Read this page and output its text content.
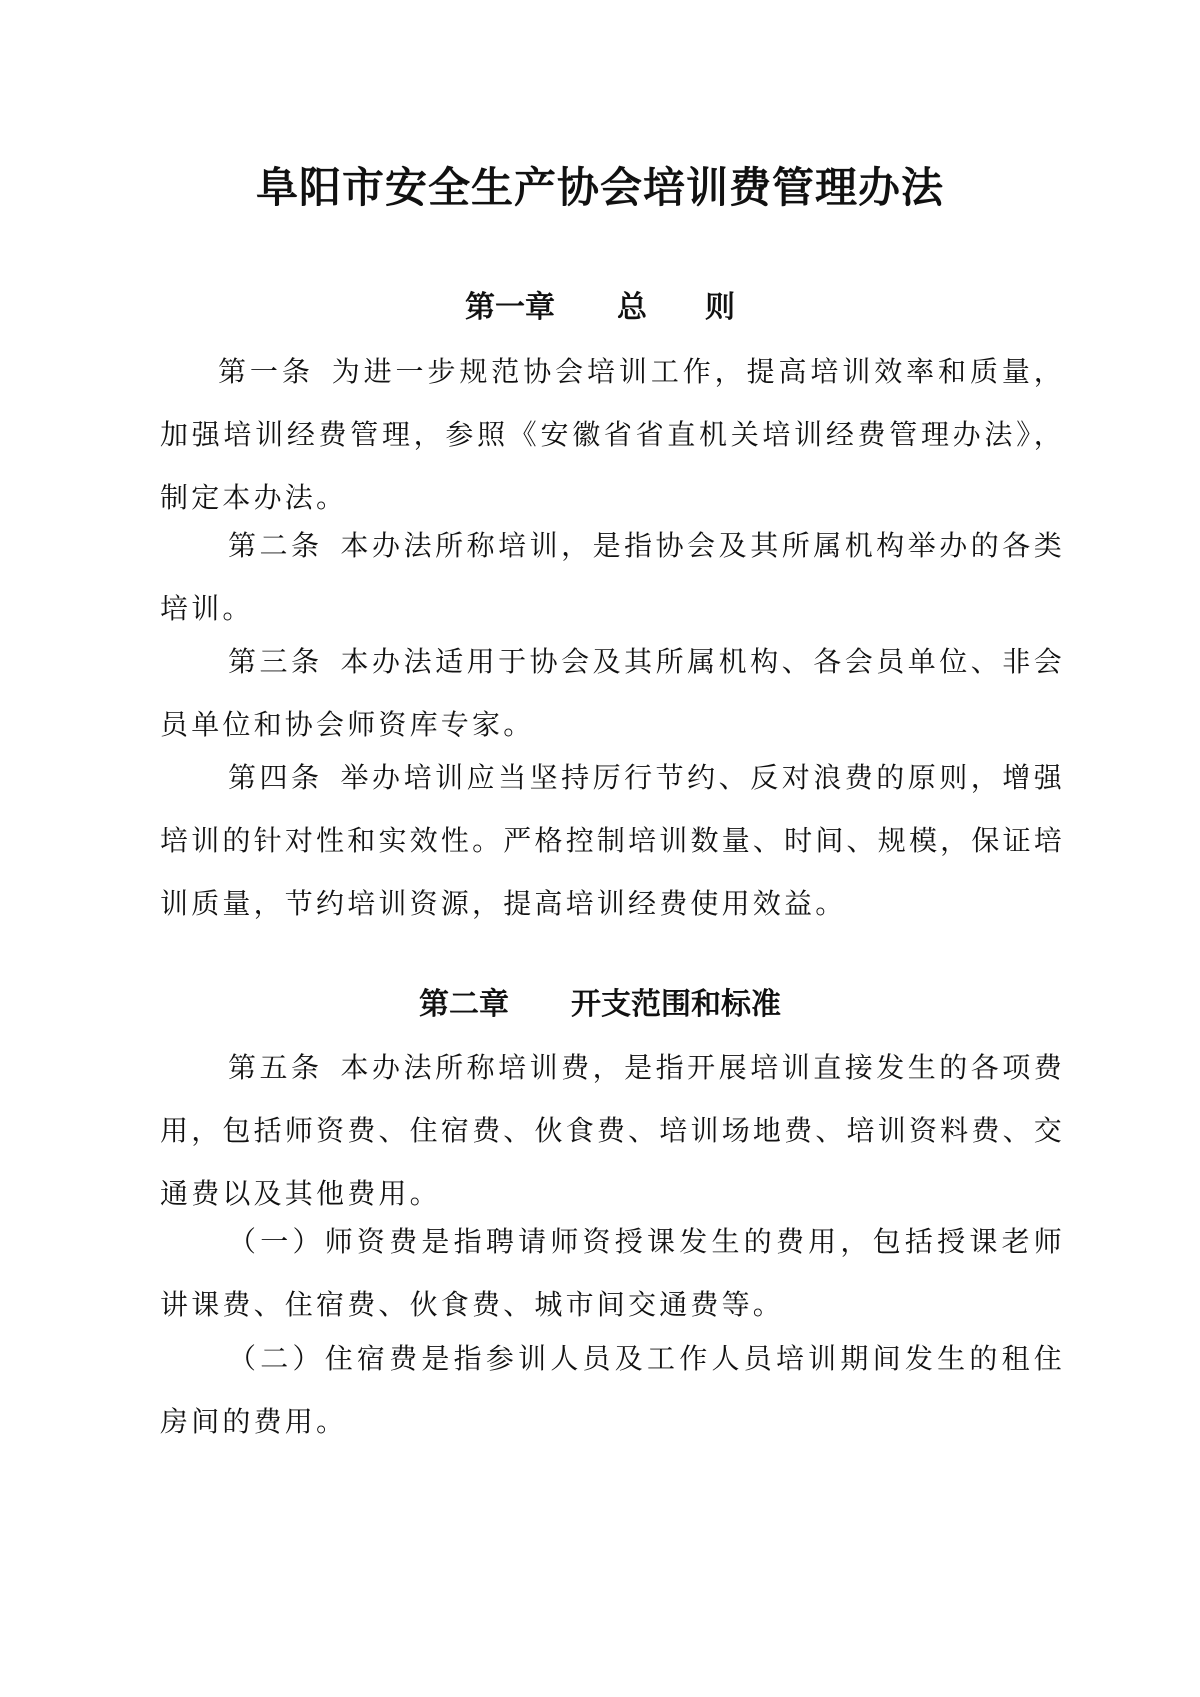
阜阳市安全生产协会培训费管理办法
第一章 总则

第一条 为进一步规范协会培训工作，提高培训效率和质量，加强培训经费管理，参照《安徽省省直机关培训经费管理办法》，制定本办法。

第二条 本办法所称培训，是指协会及其所属机构举办的各类培训。

第三条 本办法适用于协会及其所属机构、各会员单位、非会员单位和协会师资库专家。

第四条 举办培训应当坚持厉行节约、反对浪费的原则，增强培训的针对性和实效性。严格控制培训数量、时间、规模，保证培训质量，节约培训资源，提高培训经费使用效益。

第二章 开支范围和标准

第五条 本办法所称培训费，是指开展培训直接发生的各项费用，包括师资费、住宿费、伙食费、培训场地费、培训资料费、交通费以及其他费用。

（一）师资费是指聘请师资授课发生的费用，包括授课老师讲课费、住宿费、伙食费、城市间交通费等。

（二）住宿费是指参训人员及工作人员培训期间发生的租住房间的费用。
